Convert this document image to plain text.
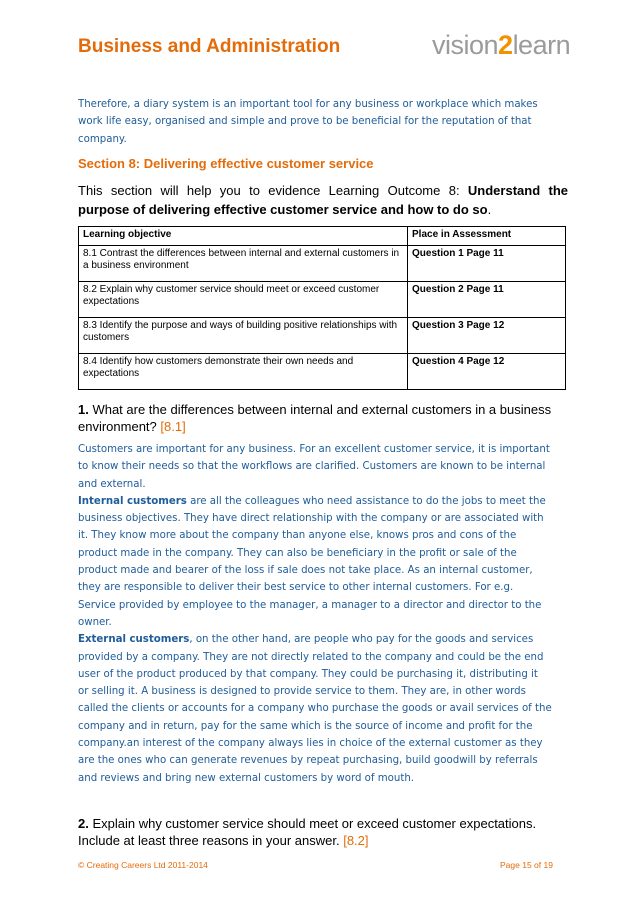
Business and Administration	vision2learn
Therefore, a diary system is an important tool for any business or workplace which makes
work life easy, organised and simple and prove to be beneficial for the reputation of that
company.
Section 8: Delivering effective customer service
This section will help you to evidence Learning Outcome 8: Understand the purpose of delivering effective customer service and how to do so.
Learning objective	Place in Assessment
8.1 Contrast the differences between internal and external customers in a business environment	Question 1 Page 11
8.2 Explain why customer service should meet or exceed customer expectations	Question 2 Page 11
8.3 Identify the purpose and ways of building positive relationships with customers	Question 3 Page 12
8.4 Identify how customers demonstrate their own needs and expectations	Question 4 Page 12
1. What are the differences between internal and external customers in a business environment? [8.1]
Customers are important for any business. For an excellent customer service, it is important
to know their needs so that the workflows are clarified. Customers are known to be internal
and external.
Internal customers are all the colleagues who need assistance to do the jobs to meet the
business objectives. They have direct relationship with the company or are associated with
it. They know more about the company than anyone else, knows pros and cons of the
product made in the company. They can also be beneficiary in the profit or sale of the
product made and bearer of the loss if sale does not take place. As an internal customer,
they are responsible to deliver their best service to other internal customers. For e.g.
Service provided by employee to the manager, a manager to a director and director to the
owner.
External customers, on the other hand, are people who pay for the goods and services
provided by a company. They are not directly related to the company and could be the end
user of the product produced by that company. They could be purchasing it, distributing it
or selling it. A business is designed to provide service to them. They are, in other words
called the clients or accounts for a company who purchase the goods or avail services of the
company and in return, pay for the same which is the source of income and profit for the
company.an interest of the company always lies in choice of the external customer as they
are the ones who can generate revenues by repeat purchasing, build goodwill by referrals
and reviews and bring new external customers by word of mouth.
2. Explain why customer service should meet or exceed customer expectations. Include at least three reasons in your answer. [8.2]
© Creating Careers Ltd 2011-2014	Page 15 of 19
